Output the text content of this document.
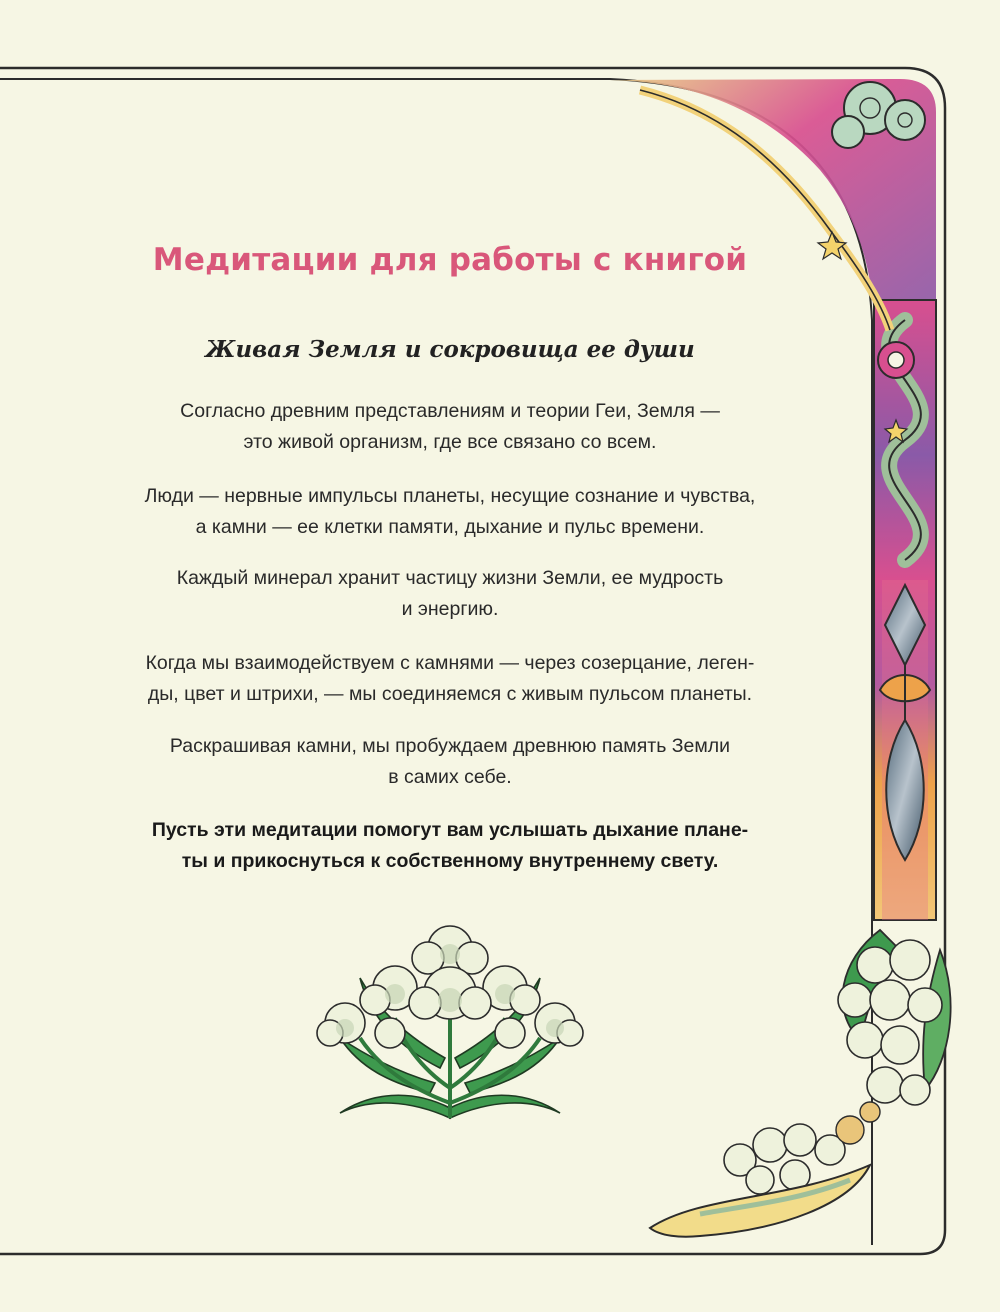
Медитации для работы с книгой
Живая Земля и сокровища ее души
Согласно древним представлениям и теории Геи, Земля —
это живой организм, где все связано со всем.
Люди — нервные импульсы планеты, несущие сознание и чувства,
а камни — ее клетки памяти, дыхание и пульс времени.
Каждый минерал хранит частицу жизни Земли, ее мудрость
и энергию.
Когда мы взаимодействуем с камнями — через созерцание, леген-
ды, цвет и штрихи, — мы соединяемся с живым пульсом планеты.
Раскрашивая камни, мы пробуждаем древнюю память Земли
в самих себе.
Пусть эти медитации помогут вам услышать дыхание плане-
ты и прикоснуться к собственному внутреннему свету.
